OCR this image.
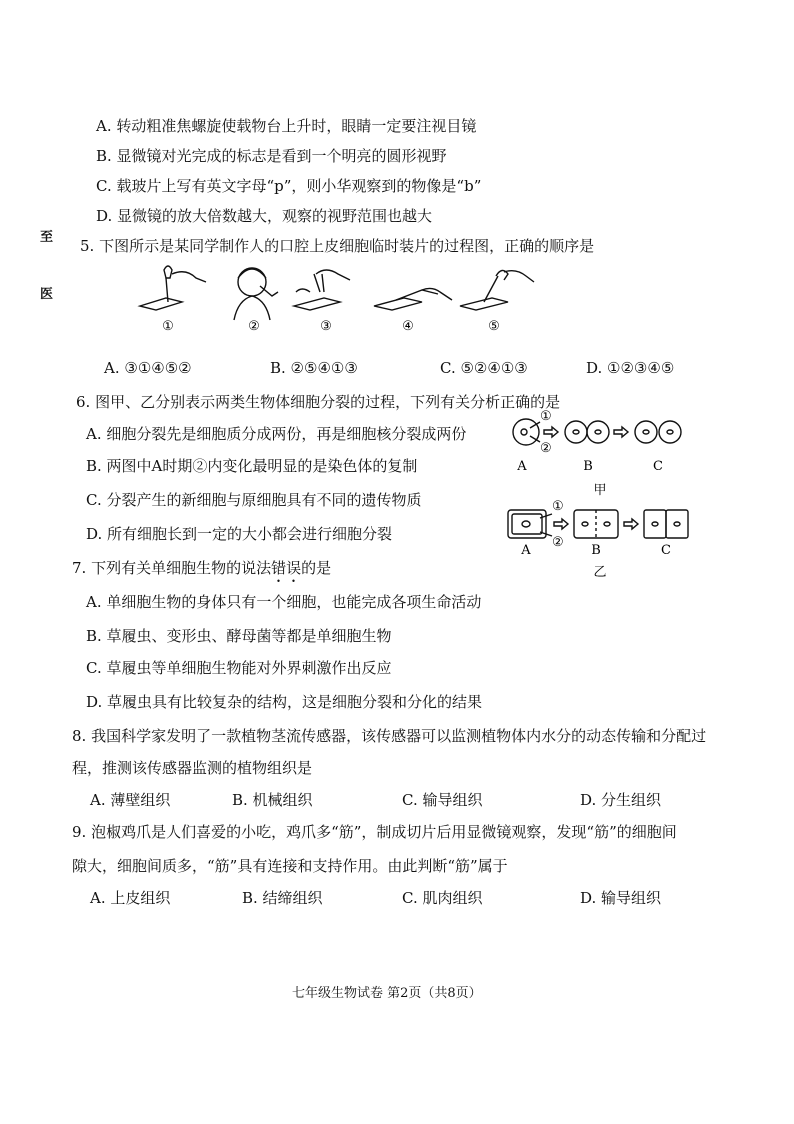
至
医
A. 转动粗准焦螺旋使载物台上升时，眼睛一定要注视目镜
B. 显微镜对光完成的标志是看到一个明亮的圆形视野
C. 载玻片上写有英文字母“p”，则小华观察到的物像是“b”
D. 显微镜的放大倍数越大，观察的视野范围也越大
5. 下图所示是某同学制作人的口腔上皮细胞临时装片的过程图，正确的顺序是
①	②	③	④	⑤
A. ③①④⑤②	B. ②⑤④①③	C. ⑤②④①③	D. ①②③④⑤
6. 图甲、乙分别表示两类生物体细胞分裂的过程，下列有关分析正确的是
A. 细胞分裂先是细胞质分成两份，再是细胞核分裂成两份
B. 两图中A时期②内变化最明显的是染色体的复制
C. 分裂产生的新细胞与原细胞具有不同的遗传物质
D. 所有细胞长到一定的大小都会进行细胞分裂
①
②
A	B	C
甲
①
②
A	B	C
乙
7. 下列有关单细胞生物的说法错误的是
A. 单细胞生物的身体只有一个细胞，也能完成各项生命活动
B. 草履虫、变形虫、酵母菌等都是单细胞生物
C. 草履虫等单细胞生物能对外界刺激作出反应
D. 草履虫具有比较复杂的结构，这是细胞分裂和分化的结果
8. 我国科学家发明了一款植物茎流传感器，该传感器可以监测植物体内水分的动态传输和分配过
程，推测该传感器监测的植物组织是
A. 薄壁组织	B. 机械组织	C. 输导组织	D. 分生组织
9. 泡椒鸡爪是人们喜爱的小吃，鸡爪多“筋”，制成切片后用显微镜观察，发现“筋”的细胞间
隙大，细胞间质多，“筋”具有连接和支持作用。由此判断“筋”属于
A. 上皮组织	B. 结缔组织	C. 肌肉组织	D. 输导组织
七年级生物试卷 第2页（共8页）
